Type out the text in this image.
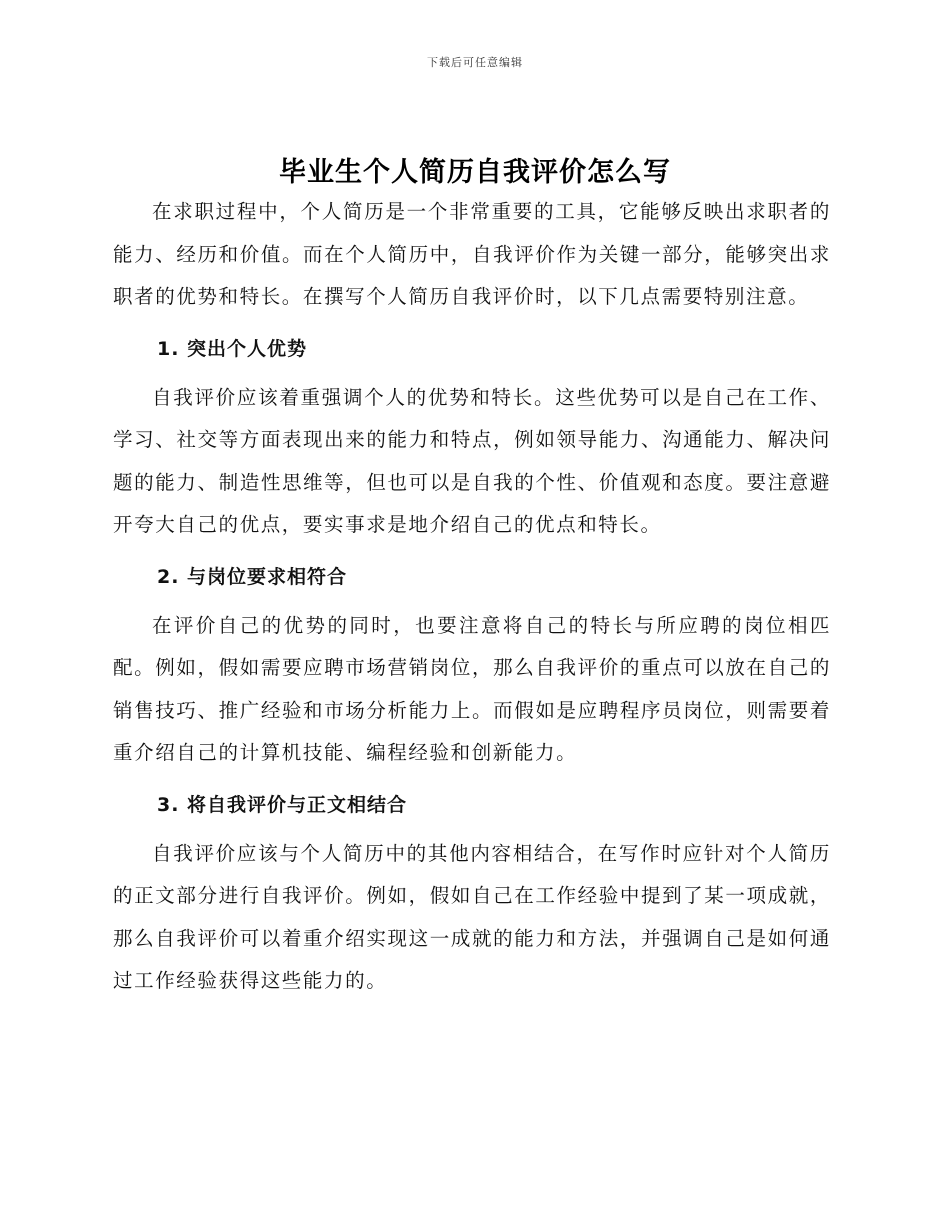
下载后可任意编辑
毕业生个人简历自我评价怎么写

在求职过程中，个人简历是一个非常重要的工具，它能够反映出求职者的能力、经历和价值。而在个人简历中，自我评价作为关键一部分，能够突出求职者的优势和特长。在撰写个人简历自我评价时，以下几点需要特别注意。

1. 突出个人优势

自我评价应该着重强调个人的优势和特长。这些优势可以是自己在工作、学习、社交等方面表现出来的能力和特点，例如领导能力、沟通能力、解决问题的能力、制造性思维等，但也可以是自我的个性、价值观和态度。要注意避开夸大自己的优点，要实事求是地介绍自己的优点和特长。

2. 与岗位要求相符合

在评价自己的优势的同时，也要注意将自己的特长与所应聘的岗位相匹配。例如，假如需要应聘市场营销岗位，那么自我评价的重点可以放在自己的销售技巧、推广经验和市场分析能力上。而假如是应聘程序员岗位，则需要着重介绍自己的计算机技能、编程经验和创新能力。

3. 将自我评价与正文相结合

自我评价应该与个人简历中的其他内容相结合，在写作时应针对个人简历的正文部分进行自我评价。例如，假如自己在工作经验中提到了某一项成就，那么自我评价可以着重介绍实现这一成就的能力和方法，并强调自己是如何通过工作经验获得这些能力的。
